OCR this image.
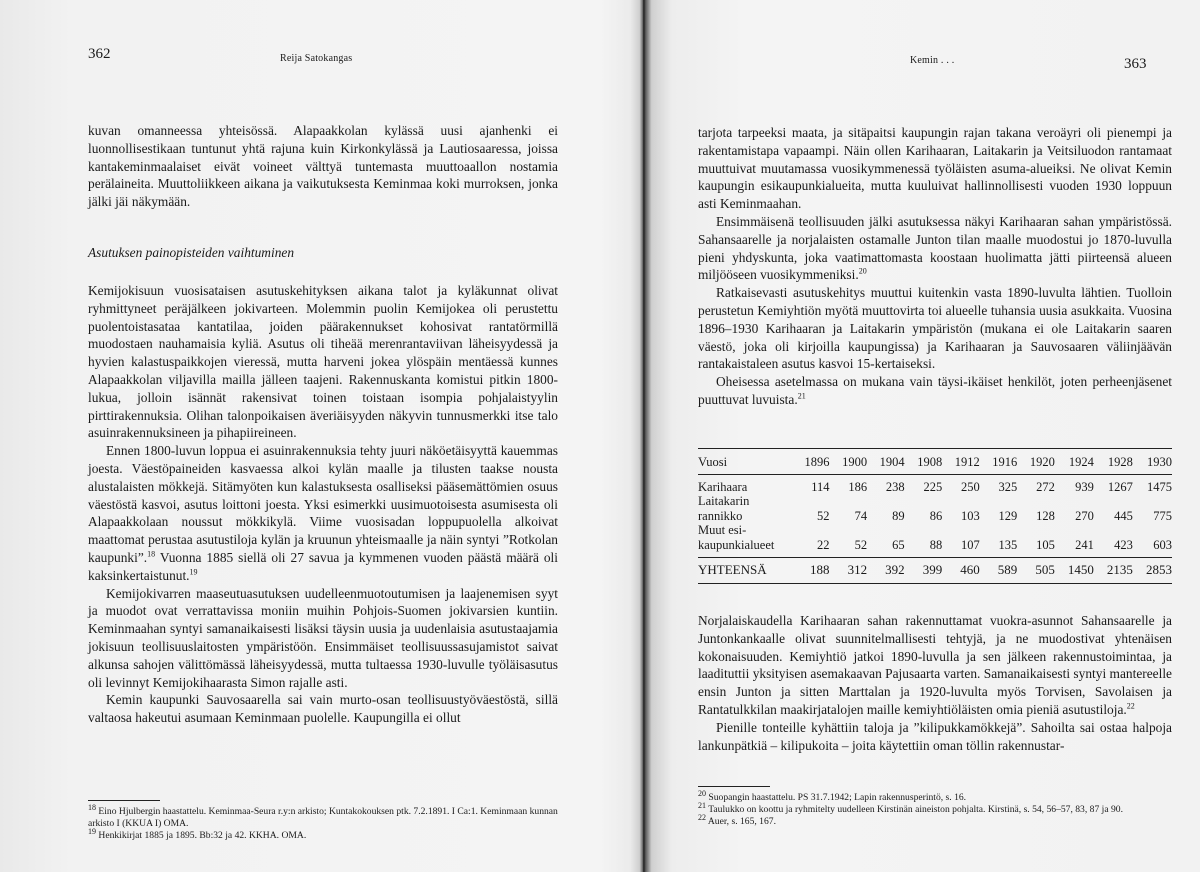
362	Reija Satokangas

kuvan omanneessa yhteisössä. Alapaakkolan kylässä uusi ajanhenki ei luonnollisestikaan tuntunut yhtä rajuna kuin Kirkonkylässä ja Lautiosaaressa, joissa kantakeminmaalaiset eivät voineet välttyä tuntemasta muuttoaallon nostamia perälaineita. Muuttoliikkeen aikana ja vaikutuksesta Keminmaa koki murroksen, jonka jälki jäi näkymään.

Asutuksen painopisteiden vaihtuminen

Kemijokisuun vuosisataisen asutuskehityksen aikana talot ja kyläkunnat olivat ryhmittyneet peräjälkeen jokivarteen. Molemmin puolin Kemijokea oli perustettu puolentoistasataa kantatilaa, joiden päärakennukset kohosivat rantatörmillä muodostaen nauhamaisia kyliä. Asutus oli tiheää merenrantaviivan läheisyydessä ja hyvien kalastuspaikkojen vieressä, mutta harveni jokea ylöspäin mentäessä kunnes Alapaakkolan viljavilla mailla jälleen taajeni. Rakennuskanta komistui pitkin 1800-lukua, jolloin isännät rakensivat toinen toistaan isompia pohjalaistyylin pirttirakennuksia. Olihan talonpoikaisen äveriäisyyden näkyvin tunnusmerkki itse talo asuinrakennuksineen ja pihapiireineen.

Ennen 1800-luvun loppua ei asuinrakennuksia tehty juuri näköetäisyyttä kauemmas joesta. Väestöpaineiden kasvaessa alkoi kylän maalle ja tilusten taakse nousta alustalaisten mökkejä. Sitämyöten kun kalastuksesta osalliseksi pääsemättömien osuus väestöstä kasvoi, asutus loittoni joesta. Yksi esimerkki uusimuotoisesta asumisesta oli Alapaakkolaan noussut mökkikylä. Viime vuosisadan loppupuolella alkoivat maattomat perustaa asutustiloja kylän ja kruunun yhteismaalle ja näin syntyi ”Rotkolan kaupunki”.$^{18}$ Vuonna 1885 siellä oli 27 savua ja kymmenen vuoden päästä määrä oli kaksinkertaistunut.$^{19}$

Kemijokivarren maaseutuasutuksen uudelleenmuotoutumisen ja laajenemisen syyt ja muodot ovat verrattavissa moniin muihin Pohjois-Suomen jokivarsien kuntiin. Keminmaahan syntyi samanaikaisesti lisäksi täysin uusia ja uudenlaisia asutustaajamia jokisuun teollisuuslaitosten ympäristöön. Ensimmäiset teollisuussasujamistot saivat alkunsa sahojen välittömässä läheisyydessä, mutta tultaessa 1930-luvulle työläisasutus oli levinnyt Kemijokihaarasta Simon rajalle asti.

Kemin kaupunki Sauvosaarella sai vain murto-osan teollisuustyöväestöstä, sillä valtaosa hakeutui asumaan Keminmaan puolelle. Kaupungilla ei ollut

$^{18}$ Eino Hjulbergin haastattelu. Keminmaa-Seura r.y:n arkisto; Kuntakokouksen ptk. 7.2.1891. I Ca:1. Keminmaan kunnan arkisto I (KKUA I) OMA.

$^{19}$ Henkikirjat 1885 ja 1895. Bb:32 ja 42. KKHA. OMA.

Kemin . . .	363

tarjota tarpeeksi maata, ja sitäpaitsi kaupungin rajan takana veroäyri oli pienempi ja rakentamistapa vapaampi. Näin ollen Karihaaran, Laitakarin ja Veitsiluodon rantamaat muuttuivat muutamassa vuosikymmenessä työläisten asuma-alueiksi. Ne olivat Kemin kaupungin esikaupunkialueita, mutta kuuluivat hallinnollisesti vuoden 1930 loppuun asti Keminmaahan.

Ensimmäisenä teollisuuden jälki asutuksessa näkyi Karihaaran sahan ympäristössä. Sahansaarelle ja norjalaisten ostamalle Junton tilan maalle muodostui jo 1870-luvulla pieni yhdyskunta, joka vaatimattomasta koostaan huolimatta jätti piirteensä alueen miljööseen vuosikymmeniksi.$^{20}$

Ratkaisevasti asutuskehitys muuttui kuitenkin vasta 1890-luvulta lähtien. Tuolloin perustetun Kemiyhtiön myötä muuttovirta toi alueelle tuhansia uusia asukkaita. Vuosina 1896–1930 Karihaaran ja Laitakarin ympäristön (mukana ei ole Laitakarin saaren väestö, joka oli kirjoilla kaupungissa) ja Karihaaran ja Sauvosaaren väliinjäävän rantakaistaleen asutus kasvoi 15-kertaiseksi.

Oheisessa asetelmassa on mukana vain täysi-ikäiset henkilöt, joten perheenjäsenet puuttuvat luvuista.$^{21}$

Vuosi	1896	1900	1904	1908	1912	1916	1920	1924	1928	1930
Karihaara	114	186	238	225	250	325	272	939	1267	1475
Laitakarin
rannikko	52	74	89	86	103	129	128	270	445	775
Muut esi-
kaupunkialueet	22	52	65	88	107	135	105	241	423	603
YHTEENSÄ	188	312	392	399	460	589	505	1450	2135	2853

Norjalaiskaudella Karihaaran sahan rakennuttamat vuokra-asunnot Sahansaarelle ja Juntonkankaalle olivat suunnitelmallisesti tehtyjä, ja ne muodostivat yhtenäisen kokonaisuuden. Kemiyhtiö jatkoi 1890-luvulla ja sen jälkeen rakennustoimintaa, ja laadituttii yksityisen asemakaavan Pajusaarta varten. Samanaikaisesti syntyi mantereelle ensin Junton ja sitten Marttalan ja 1920-luvulta myös Torvisen, Savolaisen ja Rantatulkkilan maakirjatalojen maille kemiyhtiöläisten omia pieniä asutustiloja.$^{22}$

Pienille tonteille kyhättiin taloja ja ”kilipukkamökkejä”. Sahoilta sai ostaa halpoja lankunpätkiä – kilipukoita – joita käytettiin oman töllin rakennustar-

$^{20}$ Suopangin haastattelu. PS 31.7.1942; Lapin rakennusperintö, s. 16.

$^{21}$ Taulukko on koottu ja ryhmitelty uudelleen Kirstinän aineiston pohjalta. Kirstinä, s. 54, 56–57, 83, 87 ja 90.

$^{22}$ Auer, s. 165, 167.
